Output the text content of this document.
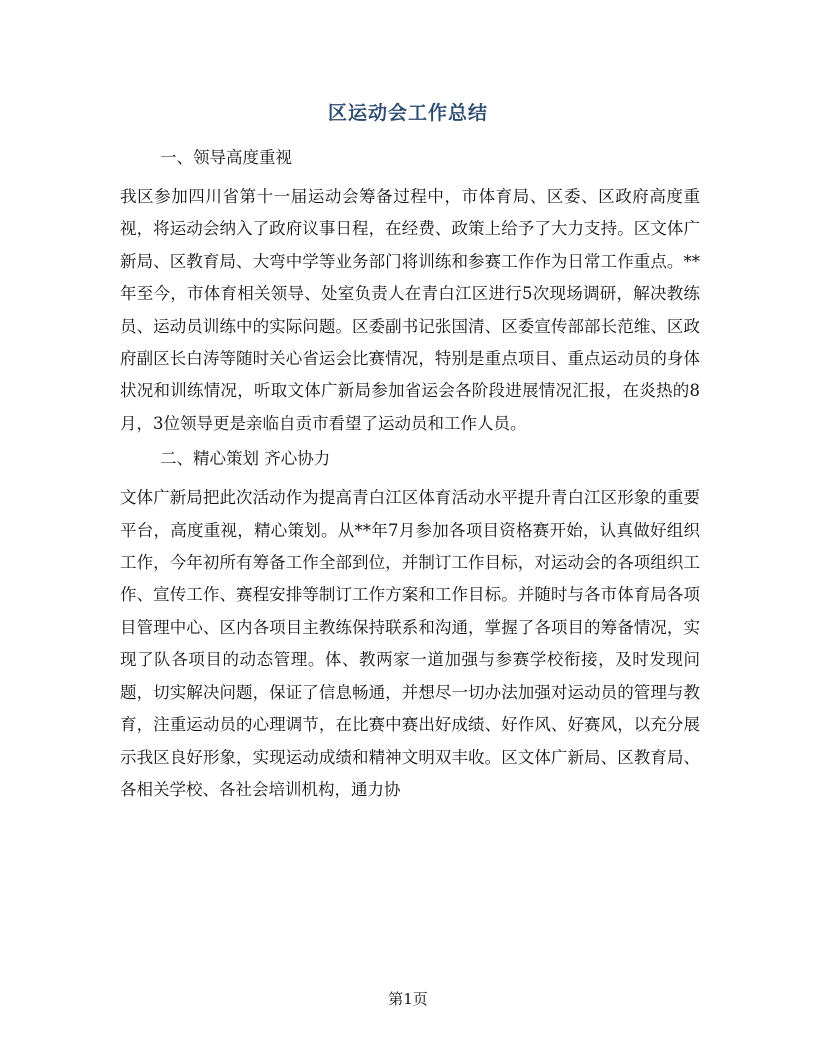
区运动会工作总结
一、领导高度重视

我区参加四川省第十一届运动会筹备过程中，市体育局、区委、区政府高度重视，将运动会纳入了政府议事日程，在经费、政策上给予了大力支持。区文体广新局、区教育局、大弯中学等业务部门将训练和参赛工作作为日常工作重点。**年至今，市体育相关领导、处室负责人在青白江区进行5次现场调研，解决教练员、运动员训练中的实际问题。区委副书记张国清、区委宣传部部长范维、区政府副区长白涛等随时关心省运会比赛情况，特别是重点项目、重点运动员的身体状况和训练情况，听取文体广新局参加省运会各阶段进展情况汇报，在炎热的8月，3位领导更是亲临自贡市看望了运动员和工作人员。

二、精心策划 齐心协力

文体广新局把此次活动作为提高青白江区体育活动水平提升青白江区形象的重要平台，高度重视，精心策划。从**年7月参加各项目资格赛开始，认真做好组织工作，今年初所有筹备工作全部到位，并制订工作目标，对运动会的各项组织工作、宣传工作、赛程安排等制订工作方案和工作目标。并随时与各市体育局各项目管理中心、区内各项目主教练保持联系和沟通，掌握了各项目的筹备情况，实现了队各项目的动态管理。体、教两家一道加强与参赛学校衔接，及时发现问题，切实解决问题，保证了信息畅通，并想尽一切办法加强对运动员的管理与教育，注重运动员的心理调节，在比赛中赛出好成绩、好作风、好赛风，以充分展示我区良好形象，实现运动成绩和精神文明双丰收。区文体广新局、区教育局、各相关学校、各社会培训机构，通力协

第1页
